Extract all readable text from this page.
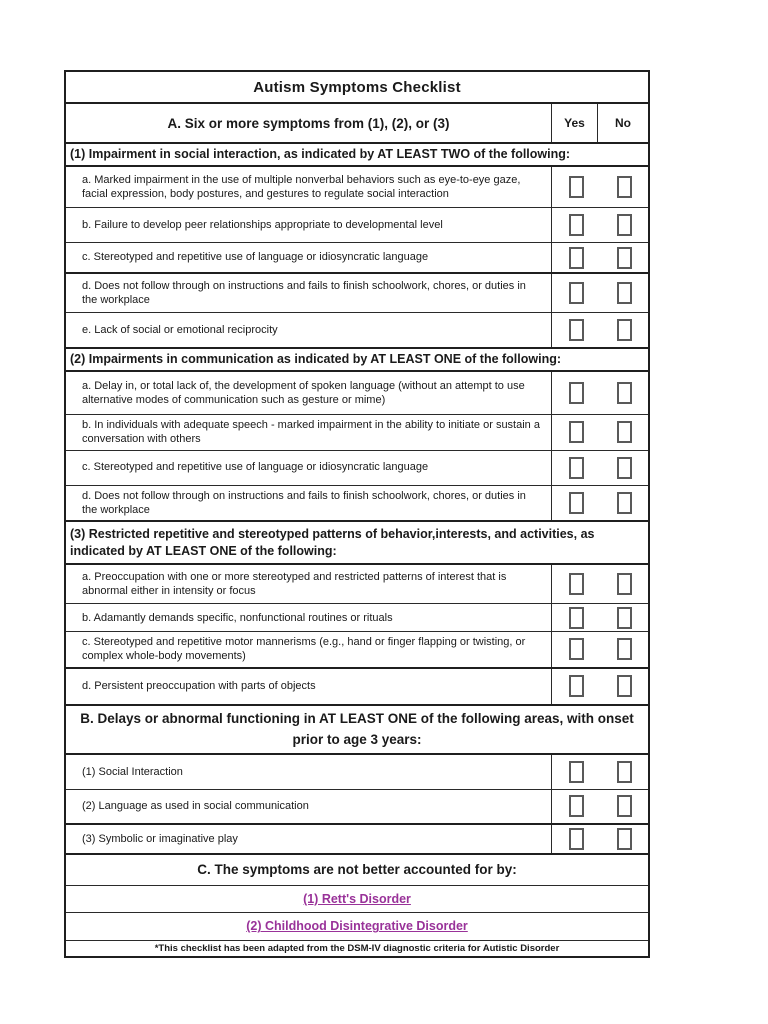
Autism Symptoms Checklist
A. Six or more symptoms from (1), (2), or (3)	Yes	No
(1) Impairment in social interaction, as indicated by AT LEAST TWO of the following:
a. Marked impairment in the use of multiple nonverbal behaviors such as eye-to-eye gaze, facial expression, body postures, and gestures to regulate social interaction
b. Failure to develop peer relationships appropriate to developmental level
c. Stereotyped and repetitive use of language or idiosyncratic language
d. Does not follow through on instructions and fails to finish schoolwork, chores, or duties in the workplace
e. Lack of social or emotional reciprocity
(2) Impairments in communication as indicated by AT LEAST ONE of the following:
a. Delay in, or total lack of, the development of spoken language (without an attempt to use alternative modes of communication such as gesture or mime)
b. In individuals with adequate speech - marked impairment in the ability to initiate or sustain a conversation with others
c. Stereotyped and repetitive use of language or idiosyncratic language
d. Does not follow through on instructions and fails to finish schoolwork, chores, or duties in the workplace
(3) Restricted repetitive and stereotyped patterns of behavior,interests, and activities, as indicated by AT LEAST ONE of the following:
a. Preoccupation with one or more stereotyped and restricted patterns of interest that is abnormal either in intensity or focus
b. Adamantly demands specific, nonfunctional routines or rituals
c. Stereotyped and repetitive motor mannerisms (e.g., hand or finger flapping or twisting, or complex whole-body movements)
d. Persistent preoccupation with parts of objects
B. Delays or abnormal functioning in AT LEAST ONE of the following areas, with onset prior to age 3 years:
(1) Social Interaction
(2) Language as used in social communication
(3) Symbolic or imaginative play
C. The symptoms are not better accounted for by:
(1) Rett's Disorder
(2) Childhood Disintegrative Disorder
*This checklist has been adapted from the DSM-IV diagnostic criteria for Autistic Disorder
